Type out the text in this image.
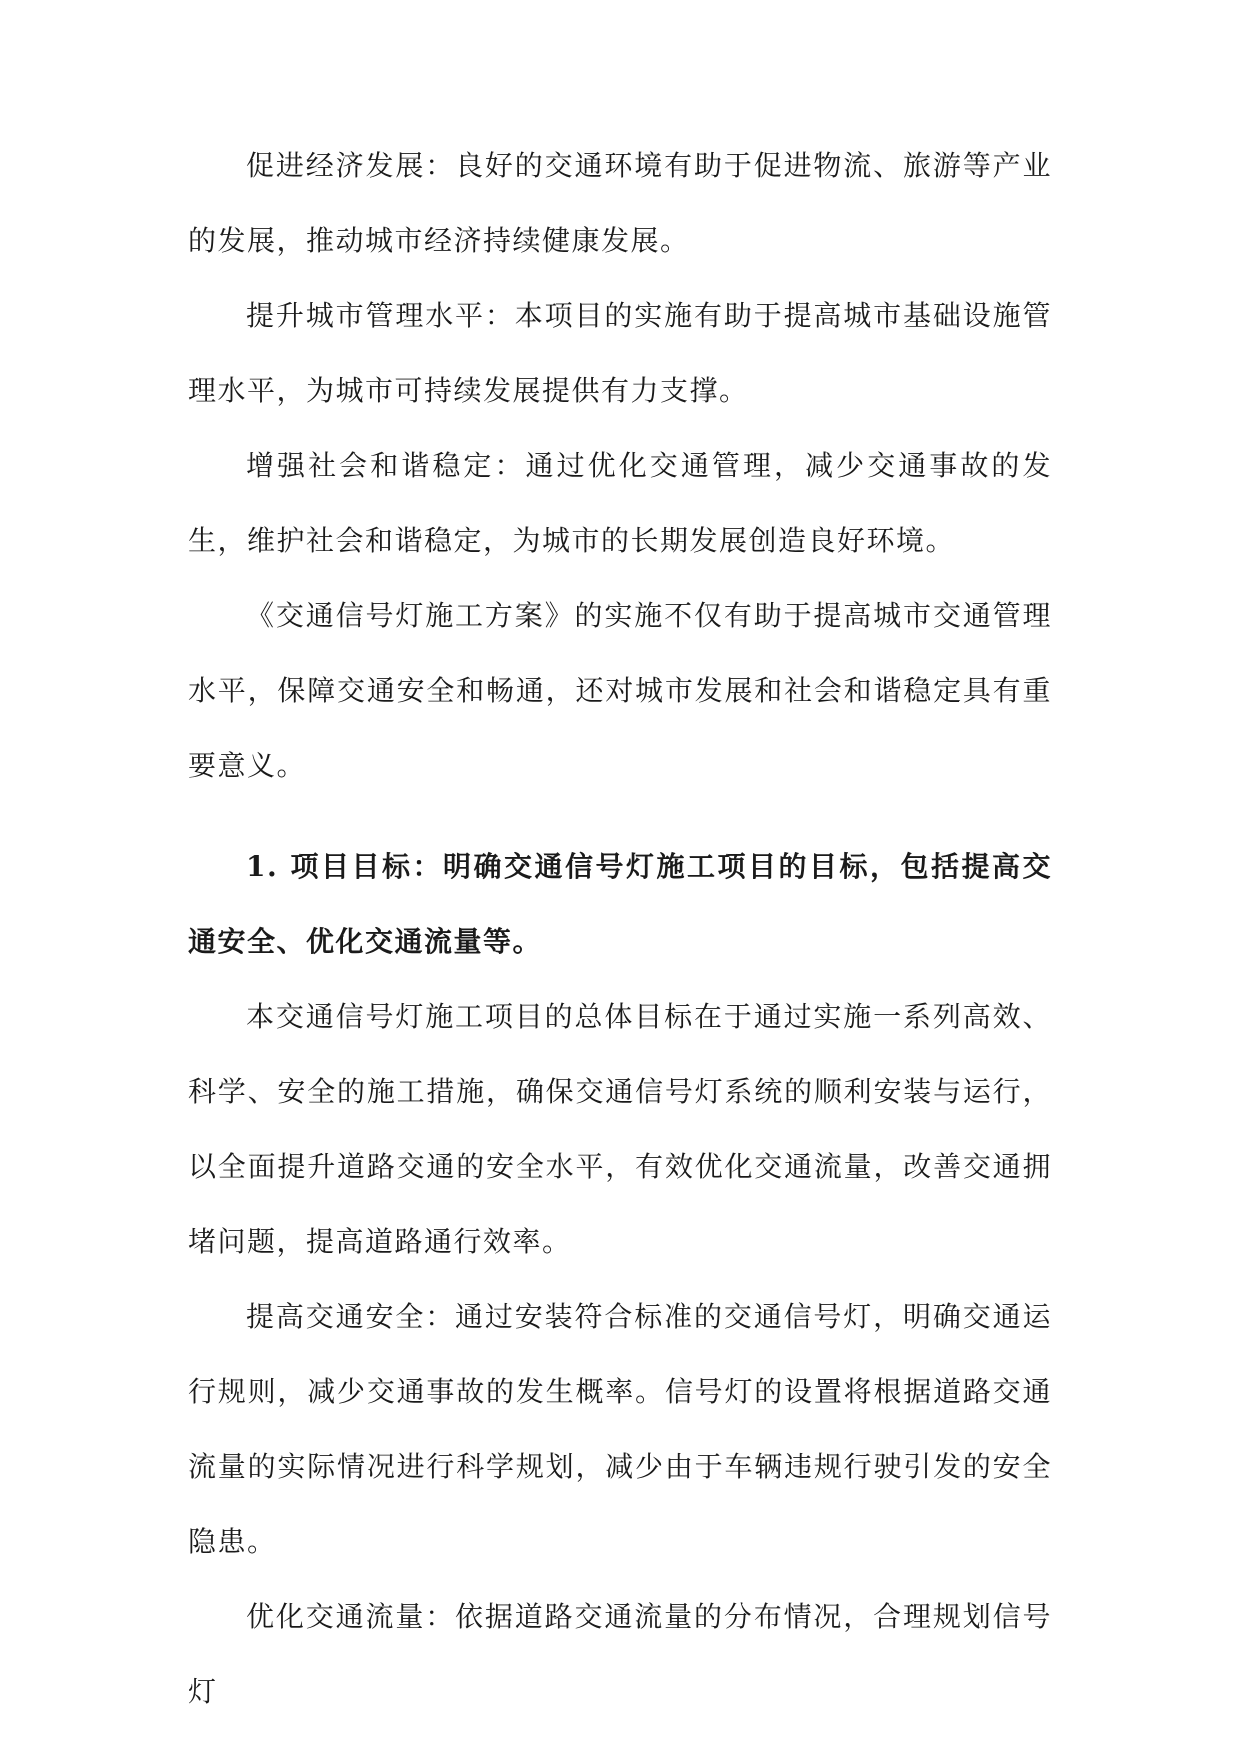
促进经济发展：良好的交通环境有助于促进物流、旅游等产业的发展，推动城市经济持续健康发展。

提升城市管理水平：本项目的实施有助于提高城市基础设施管理水平，为城市可持续发展提供有力支撑。

增强社会和谐稳定：通过优化交通管理，减少交通事故的发生，维护社会和谐稳定，为城市的长期发展创造良好环境。

《交通信号灯施工方案》的实施不仅有助于提高城市交通管理水平，保障交通安全和畅通，还对城市发展和社会和谐稳定具有重要意义。

1. 项目目标：明确交通信号灯施工项目的目标，包括提高交通安全、优化交通流量等。

本交通信号灯施工项目的总体目标在于通过实施一系列高效、科学、安全的施工措施，确保交通信号灯系统的顺利安装与运行，以全面提升道路交通的安全水平，有效优化交通流量，改善交通拥堵问题，提高道路通行效率。

提高交通安全：通过安装符合标准的交通信号灯，明确交通运行规则，减少交通事故的发生概率。信号灯的设置将根据道路交通流量的实际情况进行科学规划，减少由于车辆违规行驶引发的安全隐患。

优化交通流量：依据道路交通流量的分布情况，合理规划信号灯
